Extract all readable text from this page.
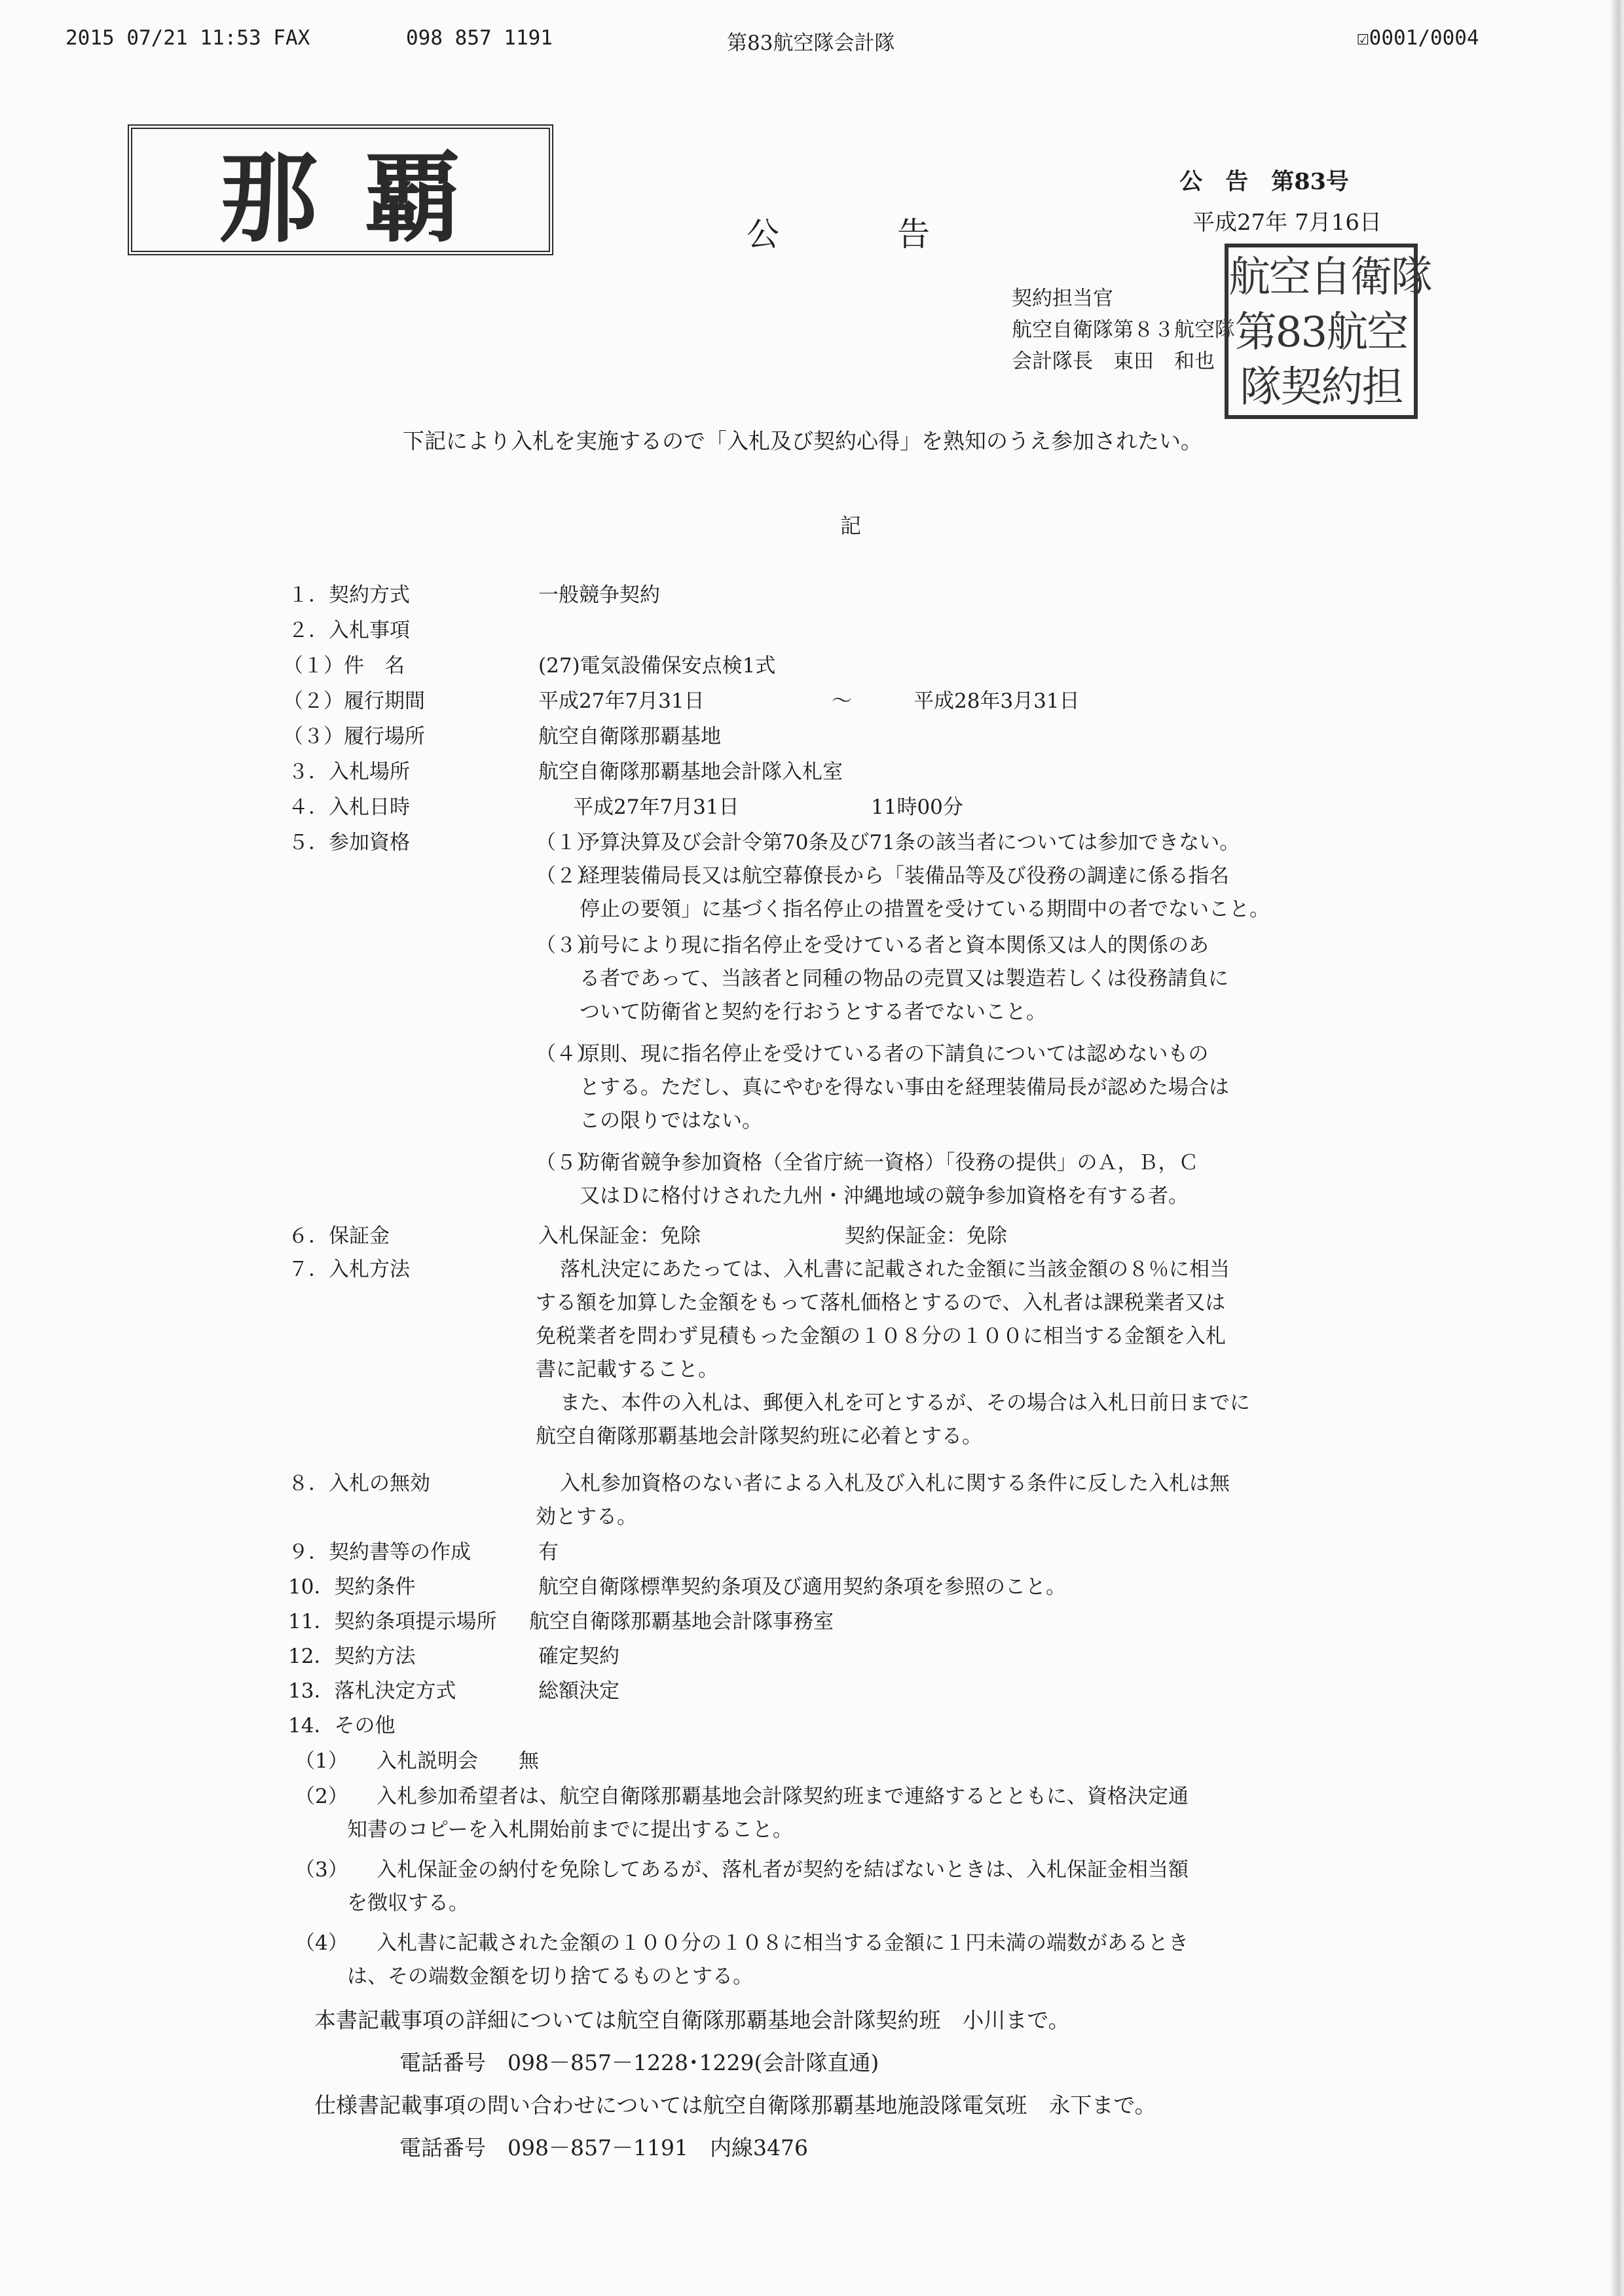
2015 07/21 11:53 FAX	098 857 1191	第83航空隊会計隊	☑0001/0004
那覇	公告
公　告　第83号
平成27年 7月16日
契約担当官
航空自衛隊第８３航空隊
会計隊長　東田　和也
航空自衛隊
第83航空
隊契約担
下記により入札を実施するので「入札及び契約心得」を熟知のうえ参加されたい。
記
１．契約方式	一般競争契約
２．入札事項
（１）件　名	(27)電気設備保安点検1式
（２）履行期間	平成27年7月31日	～	平成28年3月31日
（３）履行場所	航空自衛隊那覇基地
３．入札場所	航空自衛隊那覇基地会計隊入札室
４．入札日時	平成27年7月31日	11時00分
５．参加資格	（１）
予算決算及び会計令第70条及び71条の該当者については参加できない。
（２）
経理装備局長又は航空幕僚長から「装備品等及び役務の調達に係る指名
停止の要領」に基づく指名停止の措置を受けている期間中の者でないこと。
（３）
前号により現に指名停止を受けている者と資本関係又は人的関係のあ
る者であって、当該者と同種の物品の売買又は製造若しくは役務請負に
ついて防衛省と契約を行おうとする者でないこと。
（４）
原則、現に指名停止を受けている者の下請負については認めないもの
とする。ただし、真にやむを得ない事由を経理装備局長が認めた場合は
この限りではない。
（５）
防衛省競争参加資格（全省庁統一資格）「役務の提供」のＡ，Ｂ，Ｃ
又はＤに格付けされた九州・沖縄地域の競争参加資格を有する者。
６．保証金	入札保証金：免除	契約保証金：免除
７．入札方法	落札決定にあたっては、入札書に記載された金額に当該金額の８％に相当
する額を加算した金額をもって落札価格とするので、入札者は課税業者又は
免税業者を問わず見積もった金額の１０８分の１００に相当する金額を入札
書に記載すること。
また、本件の入札は、郵便入札を可とするが、その場合は入札日前日までに
航空自衛隊那覇基地会計隊契約班に必着とする。
８．入札の無効	入札参加資格のない者による入札及び入札に関する条件に反した入札は無
効とする。
９．契約書等の作成	有
10．契約条件	航空自衛隊標準契約条項及び適用契約条項を参照のこと。
11．契約条項提示場所 航空自衛隊那覇基地会計隊事務室
12．契約方法	確定契約
13．落札決定方式	総額決定
14．その他
（1） 入札説明会　　無
（2） 入札参加希望者は、航空自衛隊那覇基地会計隊契約班まで連絡するとともに、資格決定通
知書のコピーを入札開始前までに提出すること。
（3） 入札保証金の納付を免除してあるが、落札者が契約を結ばないときは、入札保証金相当額
を徴収する。
（4） 入札書に記載された金額の１００分の１０８に相当する金額に１円未満の端数があるとき
は、その端数金額を切り捨てるものとする。
本書記載事項の詳細については航空自衛隊那覇基地会計隊契約班　小川まで。
電話番号　098－857－1228･1229(会計隊直通)
仕様書記載事項の問い合わせについては航空自衛隊那覇基地施設隊電気班　永下まで。
電話番号　098－857－1191　内線3476
